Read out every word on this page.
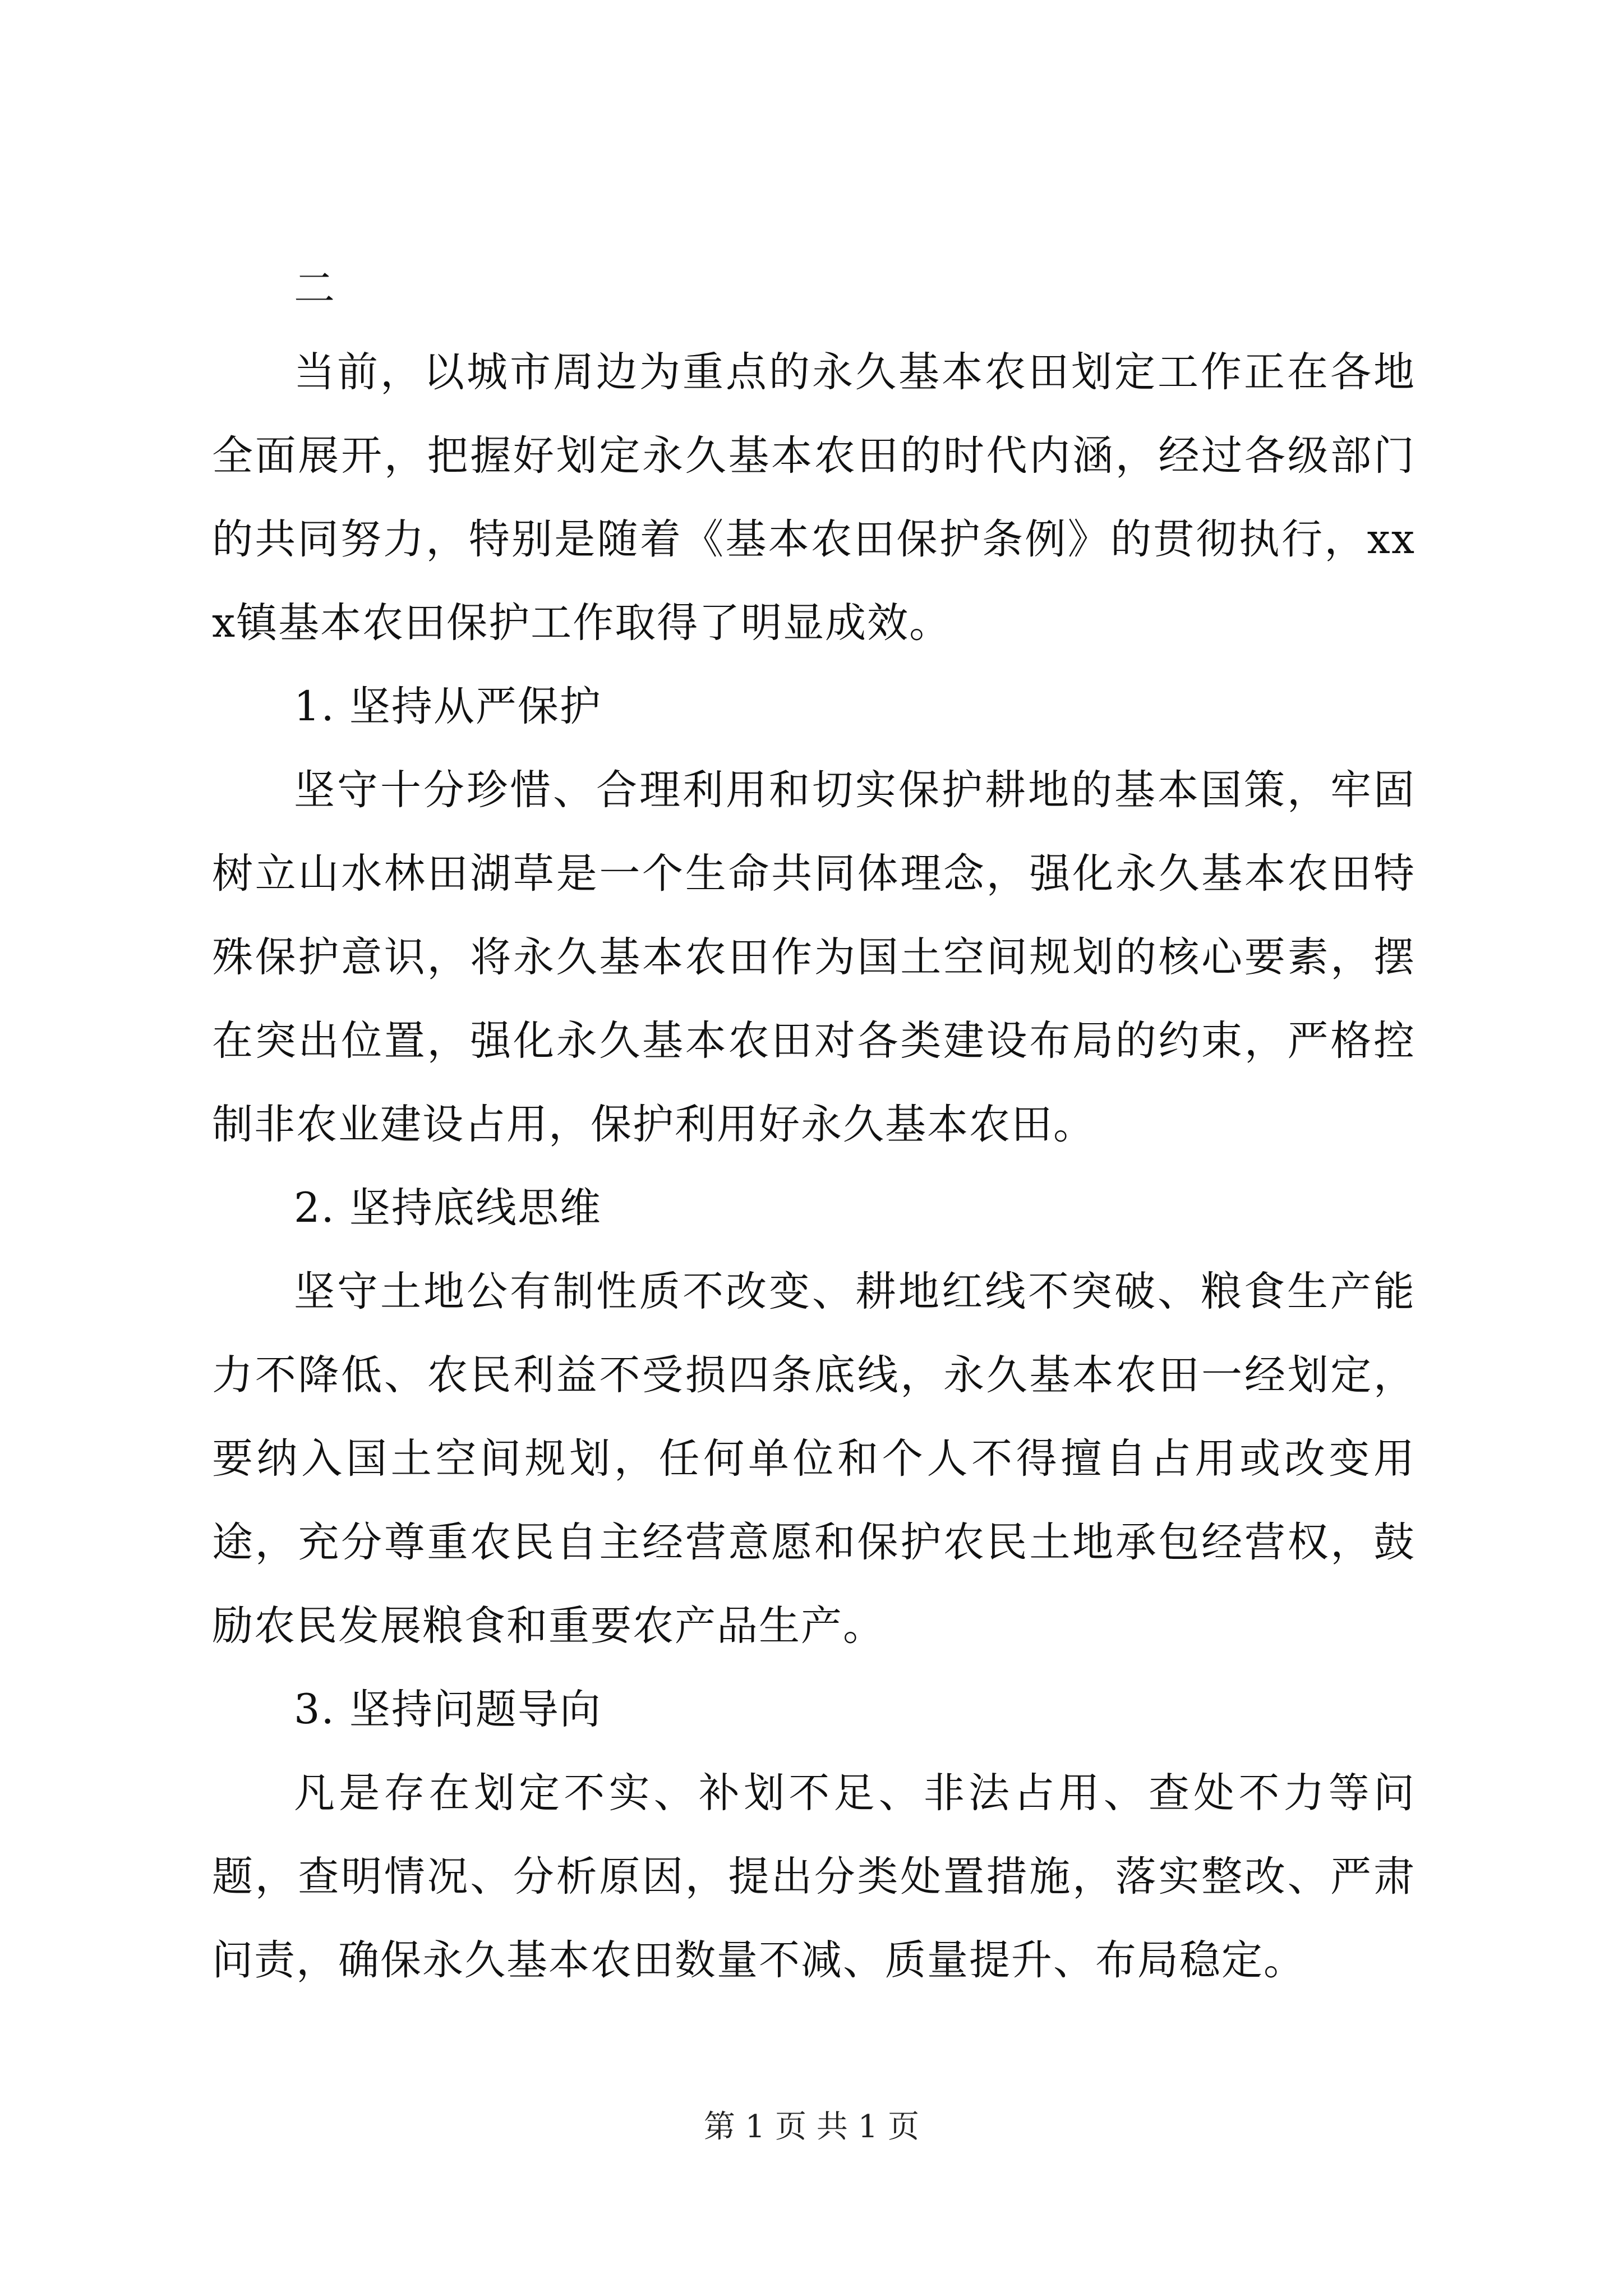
二

当前，以城市周边为重点的永久基本农田划定工作正在各地全面展开，把握好划定永久基本农田的时代内涵，经过各级部门的共同努力，特别是随着《基本农田保护条例》的贯彻执行，xxx镇基本农田保护工作取得了明显成效。

1. 坚持从严保护

坚守十分珍惜、合理利用和切实保护耕地的基本国策，牢固树立山水林田湖草是一个生命共同体理念，强化永久基本农田特殊保护意识，将永久基本农田作为国土空间规划的核心要素，摆在突出位置，强化永久基本农田对各类建设布局的约束，严格控制非农业建设占用，保护利用好永久基本农田。

2. 坚持底线思维

坚守土地公有制性质不改变、耕地红线不突破、粮食生产能力不降低、农民利益不受损四条底线，永久基本农田一经划定，要纳入国土空间规划，任何单位和个人不得擅自占用或改变用途，充分尊重农民自主经营意愿和保护农民土地承包经营权，鼓励农民发展粮食和重要农产品生产。

3. 坚持问题导向

凡是存在划定不实、补划不足、非法占用、查处不力等问题，查明情况、分析原因，提出分类处置措施，落实整改、严肃问责，确保永久基本农田数量不减、质量提升、布局稳定。

第 1 页 共 1 页
